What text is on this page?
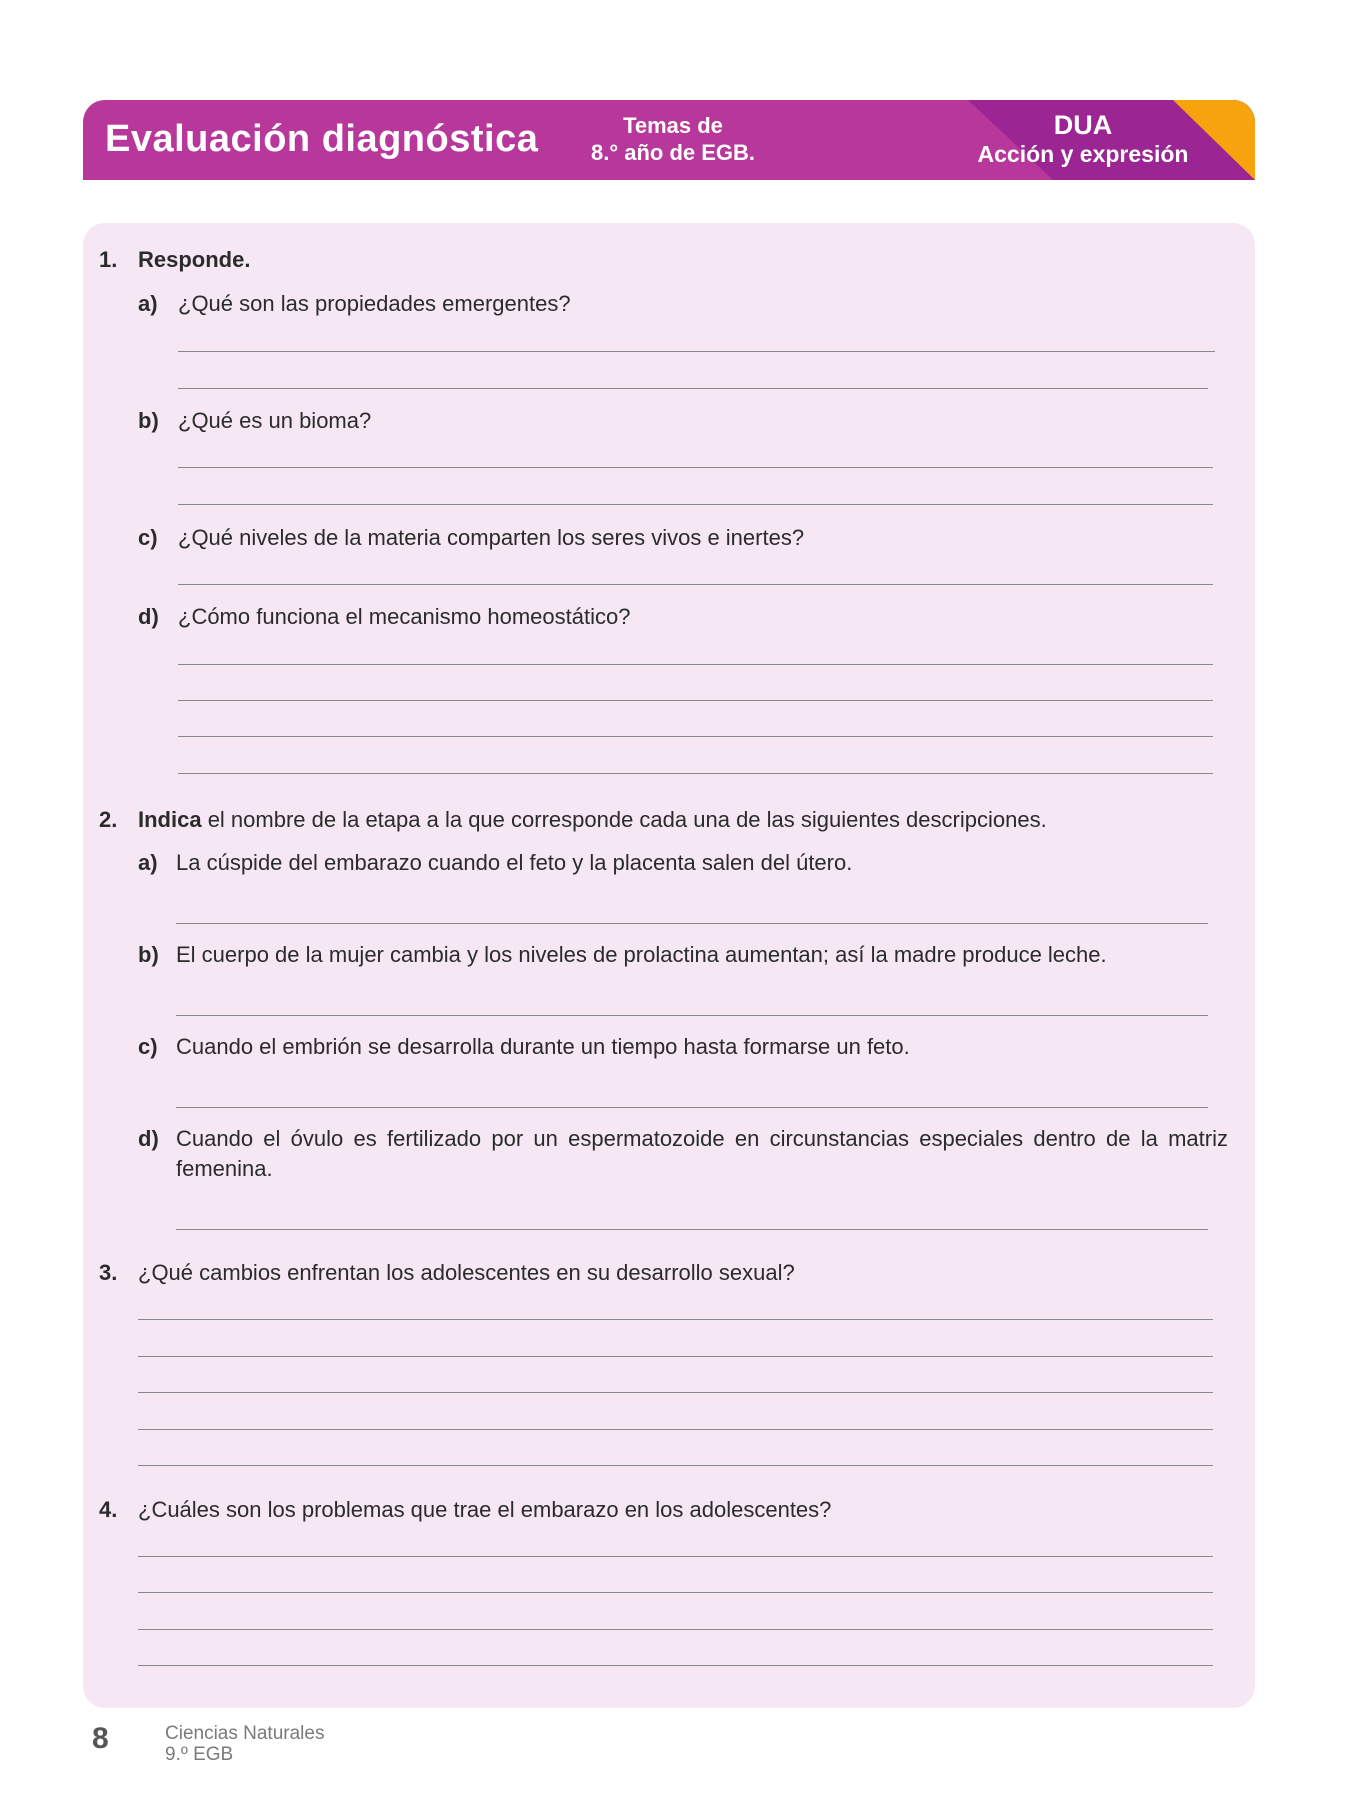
Evaluación diagnóstica	Temas de
8.° año de EGB.
DUA
Acción y expresión
1. Responde.
a) ¿Qué son las propiedades emergentes?
b) ¿Qué es un bioma?
c) ¿Qué niveles de la materia comparten los seres vivos e inertes?
d) ¿Cómo funciona el mecanismo homeostático?
2. Indica el nombre de la etapa a la que corresponde cada una de las siguientes descripciones.
a) La cúspide del embarazo cuando el feto y la placenta salen del útero.
b) El cuerpo de la mujer cambia y los niveles de prolactina aumentan; así la madre produce leche.
c) Cuando el embrión se desarrolla durante un tiempo hasta formarse un feto.
d) Cuando el óvulo es fertilizado por un espermatozoide en circunstancias especiales dentro de la matriz femenina.
3. ¿Qué cambios enfrentan los adolescentes en su desarrollo sexual?
4. ¿Cuáles son los problemas que trae el embarazo en los adolescentes?
8	Ciencias Naturales
9.º EGB
